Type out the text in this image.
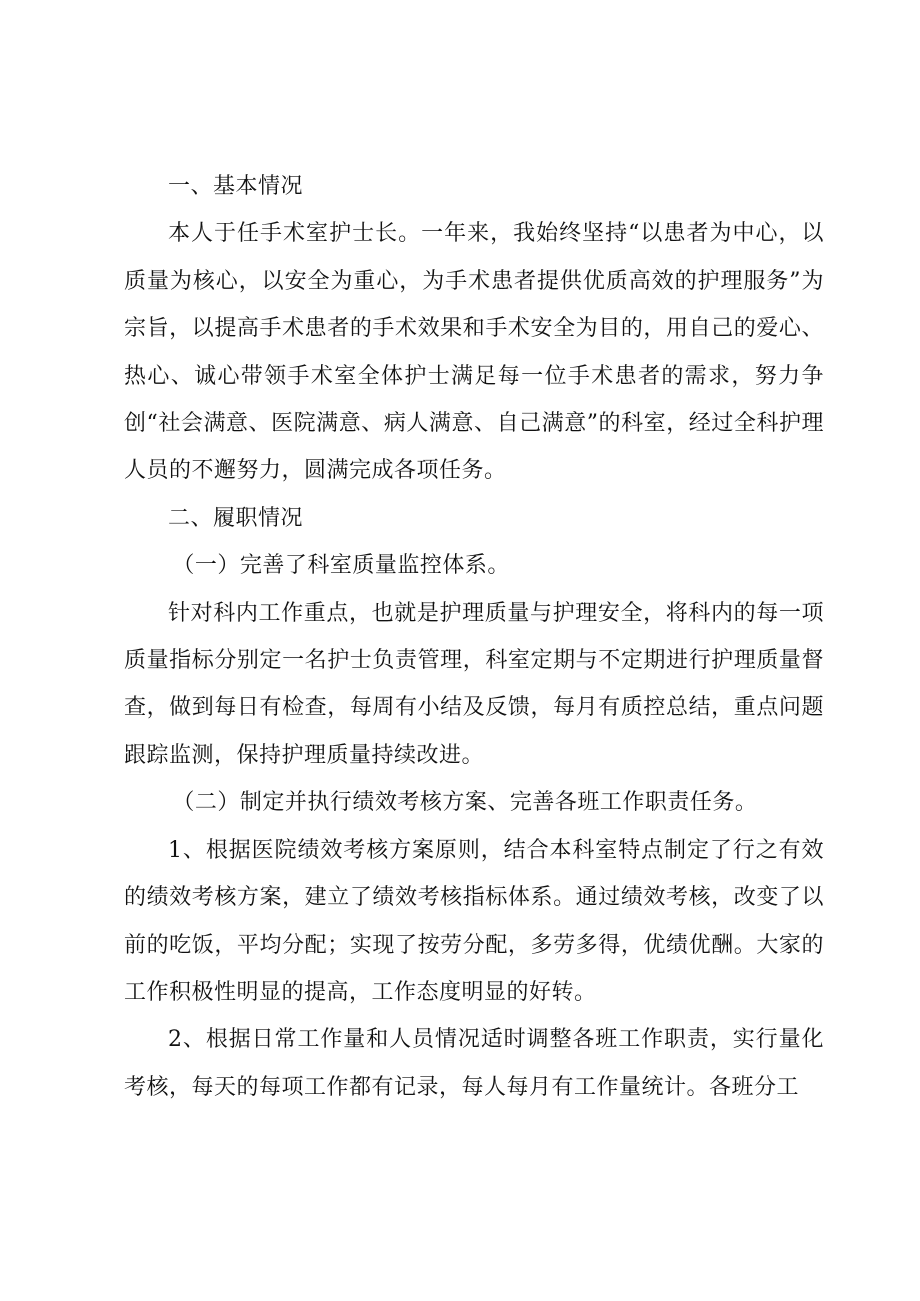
一、基本情况

本人于任手术室护士长。一年来，我始终坚持“以患者为中心，以质量为核心，以安全为重心，为手术患者提供优质高效的护理服务”为宗旨，以提高手术患者的手术效果和手术安全为目的，用自己的爱心、热心、诚心带领手术室全体护士满足每一位手术患者的需求，努力争创“社会满意、医院满意、病人满意、自己满意”的科室，经过全科护理人员的不邂努力，圆满完成各项任务。

二、履职情况

（一）完善了科室质量监控体系。

针对科内工作重点，也就是护理质量与护理安全，将科内的每一项质量指标分别定一名护士负责管理，科室定期与不定期进行护理质量督查，做到每日有检查，每周有小结及反馈，每月有质控总结，重点问题跟踪监测，保持护理质量持续改进。

（二）制定并执行绩效考核方案、完善各班工作职责任务。

1、根据医院绩效考核方案原则，结合本科室特点制定了行之有效的绩效考核方案，建立了绩效考核指标体系。通过绩效考核，改变了以前的吃饭，平均分配；实现了按劳分配，多劳多得，优绩优酬。大家的工作积极性明显的提高，工作态度明显的好转。

2、根据日常工作量和人员情况适时调整各班工作职责，实行量化考核，每天的每项工作都有记录，每人每月有工作量统计。各班分工
